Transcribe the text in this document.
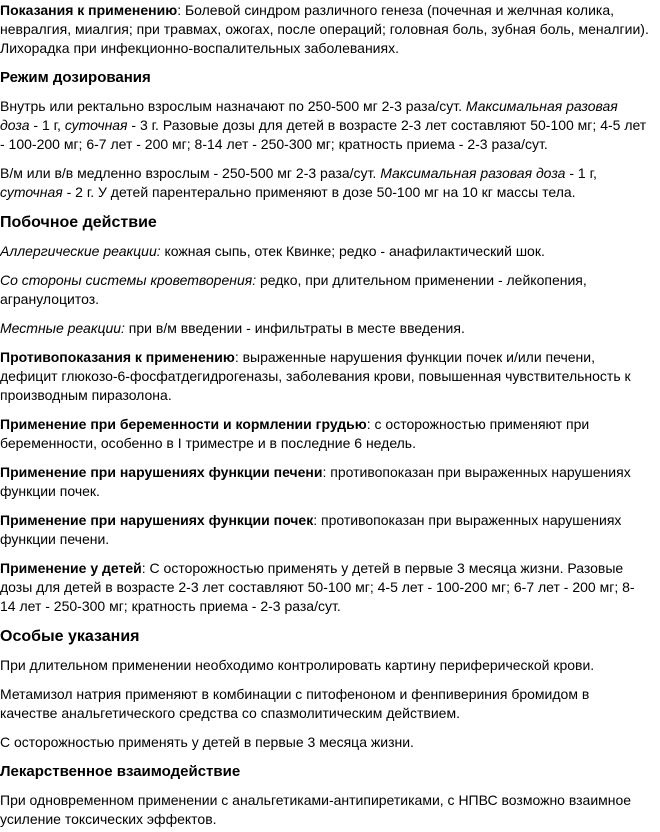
Показания к применению: Болевой синдром различного генеза (почечная и желчная колика, невралгия, миалгия; при травмах, ожогах, после операций; головная боль, зубная боль, меналгии). Лихорадка при инфекционно-воспалительных заболеваниях.

Режим дозирования

Внутрь или ректально взрослым назначают по 250-500 мг 2-3 раза/сут. Максимальная разовая доза - 1 г, суточная - 3 г. Разовые дозы для детей в возрасте 2-3 лет составляют 50-100 мг; 4-5 лет - 100-200 мг; 6-7 лет - 200 мг; 8-14 лет - 250-300 мг; кратность приема - 2-3 раза/сут.

В/м или в/в медленно взрослым - 250-500 мг 2-3 раза/сут. Максимальная разовая доза - 1 г, суточная - 2 г. У детей парентерально применяют в дозе 50-100 мг на 10 кг массы тела.

Побочное действие

Аллергические реакции: кожная сыпь, отек Квинке; редко - анафилактический шок.

Со стороны системы кроветворения: редко, при длительном применении - лейкопения, агранулоцитоз.

Местные реакции: при в/м введении - инфильтраты в месте введения.

Противопоказания к применению: выраженные нарушения функции почек и/или печени, дефицит глюкозо-6-фосфатдегидрогеназы, заболевания крови, повышенная чувствительность к производным пиразолона.

Применение при беременности и кормлении грудью: с осторожностью применяют при беременности, особенно в I триместре и в последние 6 недель.

Применение при нарушениях функции печени: противопоказан при выраженных нарушениях функции почек.

Применение при нарушениях функции почек: противопоказан при выраженных нарушениях функции печени.

Применение у детей: С осторожностью применять у детей в первые 3 месяца жизни. Разовые дозы для детей в возрасте 2-3 лет составляют 50-100 мг; 4-5 лет - 100-200 мг; 6-7 лет - 200 мг; 8-14 лет - 250-300 мг; кратность приема - 2-3 раза/сут.

Особые указания

При длительном применении необходимо контролировать картину периферической крови.

Метамизол натрия применяют в комбинации с питофеноном и фенпивериния бромидом в качестве анальгетического средства со спазмолитическим действием.

С осторожностью применять у детей в первые 3 месяца жизни.

Лекарственное взаимодействие

При одновременном применении с анальгетиками-антипиретиками, с НПВС возможно взаимное усиление токсических эффектов.
